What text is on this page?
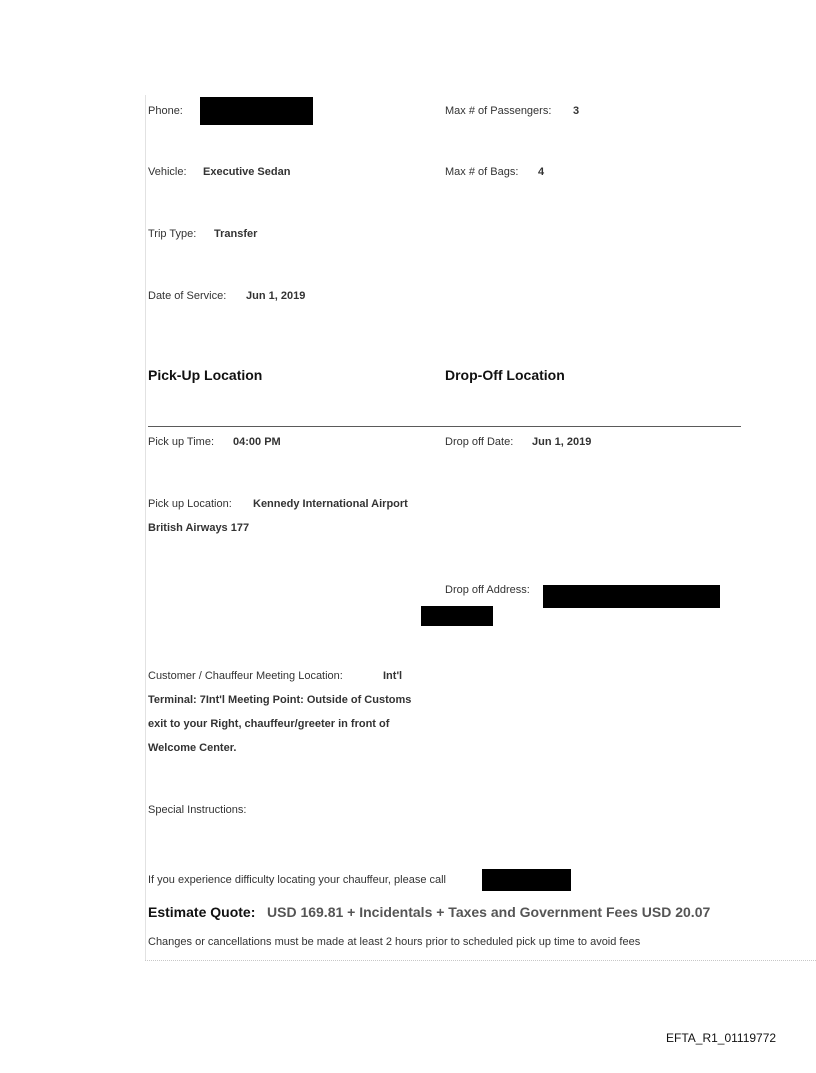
Phone:	Max # of Passengers: 3
Vehicle: Executive Sedan	Max # of Bags: 4
Trip Type: Transfer
Date of Service: Jun 1, 2019
Pick-Up Location	Drop-Off Location
Pick up Time: 04:00 PM	Drop off Date: Jun 1, 2019
Pick up Location: Kennedy International Airport
British Airways 177
Drop off Address:
Customer / Chauffeur Meeting Location:	Int'l
Terminal: 7Int'l Meeting Point: Outside of Customs
exit to your Right, chauffeur/greeter in front of
Welcome Center.
Special Instructions:
If you experience difficulty locating your chauffeur, please call
Estimate Quote: USD 169.81 + Incidentals + Taxes and Government Fees USD 20.07
Changes or cancellations must be made at least 2 hours prior to scheduled pick up time to avoid fees
EFTA_R1_01119772
